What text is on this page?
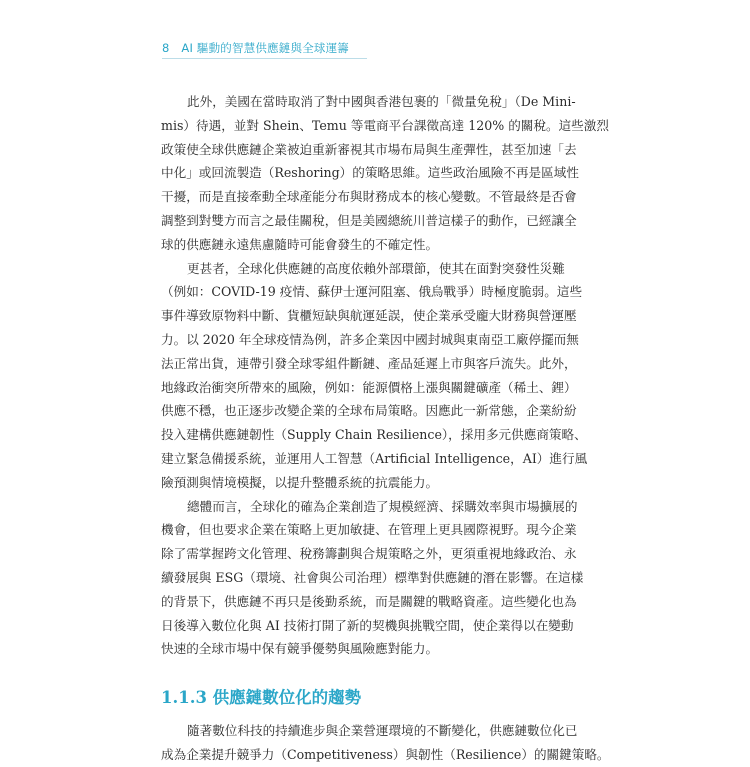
8 AI 驅動的智慧供應鏈與全球運籌

此外，美國在當時取消了對中國與香港包裹的「微量免稅」（De Mini-
mis）待遇，並對 Shein、Temu 等電商平台課徵高達 120% 的關稅。這些激烈
政策使全球供應鏈企業被迫重新審視其市場布局與生產彈性，甚至加速「去
中化」或回流製造（Reshoring）的策略思維。這些政治風險不再是區域性
干擾，而是直接牽動全球產能分布與財務成本的核心變數。不管最終是否會
調整到對雙方而言之最佳關稅，但是美國總統川普這樣子的動作，已經讓全
球的供應鏈永遠焦慮隨時可能會發生的不確定性。

更甚者，全球化供應鏈的高度依賴外部環節，使其在面對突發性災難
（例如：COVID-19 疫情、蘇伊士運河阻塞、俄烏戰爭）時極度脆弱。這些
事件導致原物料中斷、貨櫃短缺與航運延誤，使企業承受龐大財務與營運壓
力。以 2020 年全球疫情為例，許多企業因中國封城與東南亞工廠停擺而無
法正常出貨，連帶引發全球零組件斷鏈、產品延遲上市與客戶流失。此外，
地緣政治衝突所帶來的風險，例如：能源價格上漲與關鍵礦產（稀土、鋰）
供應不穩，也正逐步改變企業的全球布局策略。因應此一新常態，企業紛紛
投入建構供應鏈韌性（Supply Chain Resilience），採用多元供應商策略、
建立緊急備援系統，並運用人工智慧（Artificial Intelligence，AI）進行風
險預測與情境模擬，以提升整體系統的抗震能力。

總體而言，全球化的確為企業創造了規模經濟、採購效率與市場擴展的
機會，但也要求企業在策略上更加敏捷、在管理上更具國際視野。現今企業
除了需掌握跨文化管理、稅務籌劃與合規策略之外，更須重視地緣政治、永
續發展與 ESG（環境、社會與公司治理）標準對供應鏈的潛在影響。在這樣
的背景下，供應鏈不再只是後勤系統，而是關鍵的戰略資產。這些變化也為
日後導入數位化與 AI 技術打開了新的契機與挑戰空間，使企業得以在變動
快速的全球市場中保有競爭優勢與風險應對能力。

1.1.3 供應鏈數位化的趨勢

隨著數位科技的持續進步與企業營運環境的不斷變化，供應鏈數位化已
成為企業提升競爭力（Competitiveness）與韌性（Resilience）的關鍵策略。
